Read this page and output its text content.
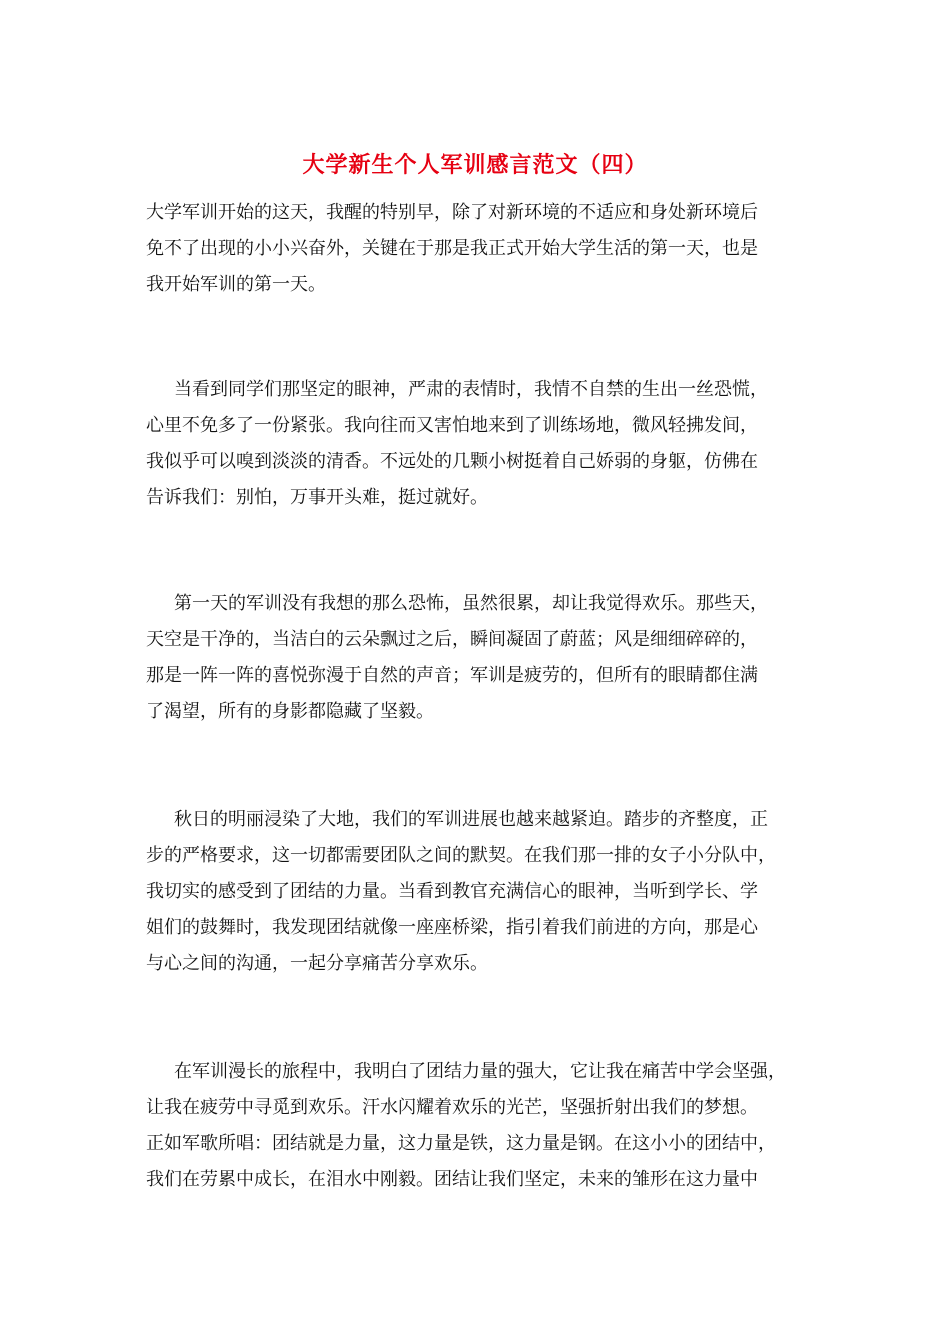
大学新生个人军训感言范文（四）

大学军训开始的这天，我醒的特别早，除了对新环境的不适应和身处新环境后
免不了出现的小小兴奋外，关键在于那是我正式开始大学生活的第一天，也是
我开始军训的第一天。

当看到同学们那坚定的眼神，严肃的表情时，我情不自禁的生出一丝恐慌，
心里不免多了一份紧张。我向往而又害怕地来到了训练场地，微风轻拂发间，
我似乎可以嗅到淡淡的清香。不远处的几颗小树挺着自己娇弱的身躯，仿佛在
告诉我们：别怕，万事开头难，挺过就好。

第一天的军训没有我想的那么恐怖，虽然很累，却让我觉得欢乐。那些天，
天空是干净的，当洁白的云朵飘过之后，瞬间凝固了蔚蓝；风是细细碎碎的，
那是一阵一阵的喜悦弥漫于自然的声音；军训是疲劳的，但所有的眼睛都住满
了渴望，所有的身影都隐藏了坚毅。

秋日的明丽浸染了大地，我们的军训进展也越来越紧迫。踏步的齐整度，正
步的严格要求，这一切都需要团队之间的默契。在我们那一排的女子小分队中，
我切实的感受到了团结的力量。当看到教官充满信心的眼神，当听到学长、学
姐们的鼓舞时，我发现团结就像一座座桥梁，指引着我们前进的方向，那是心
与心之间的沟通，一起分享痛苦分享欢乐。

在军训漫长的旅程中，我明白了团结力量的强大，它让我在痛苦中学会坚强，
让我在疲劳中寻觅到欢乐。汗水闪耀着欢乐的光芒，坚强折射出我们的梦想。
正如军歌所唱：团结就是力量，这力量是铁，这力量是钢。在这小小的团结中，
我们在劳累中成长，在泪水中刚毅。团结让我们坚定，未来的雏形在这力量中
